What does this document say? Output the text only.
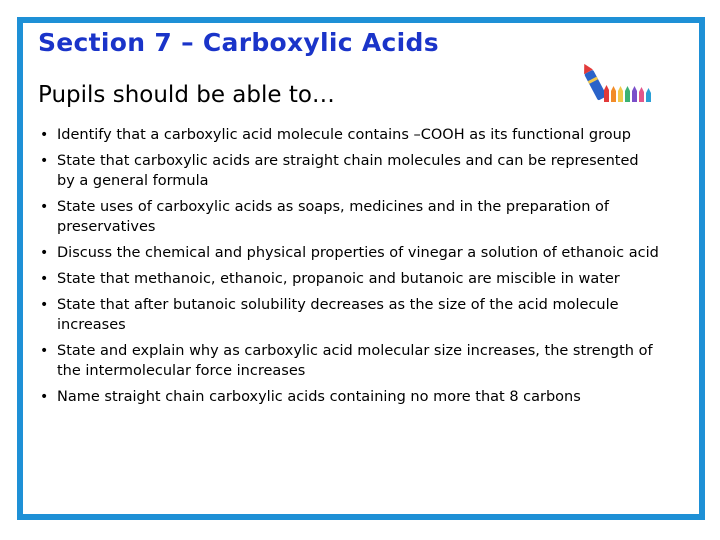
Section 7 – Carboxylic Acids
Pupils should be able to…
• Identify that a carboxylic acid molecule contains –COOH as its functional group
• State that carboxylic acids are straight chain molecules and can be represented by a general formula
• State uses of carboxylic acids as soaps, medicines and in the preparation of preservatives
• Discuss the chemical and physical properties of vinegar a solution of ethanoic acid
• State that methanoic, ethanoic, propanoic and butanoic are miscible in water
• State that after butanoic solubility decreases as the size of the acid molecule increases
• State and explain why as carboxylic acid molecular size increases, the strength of the intermolecular force increases
• Name straight chain carboxylic acids containing no more that 8 carbons
